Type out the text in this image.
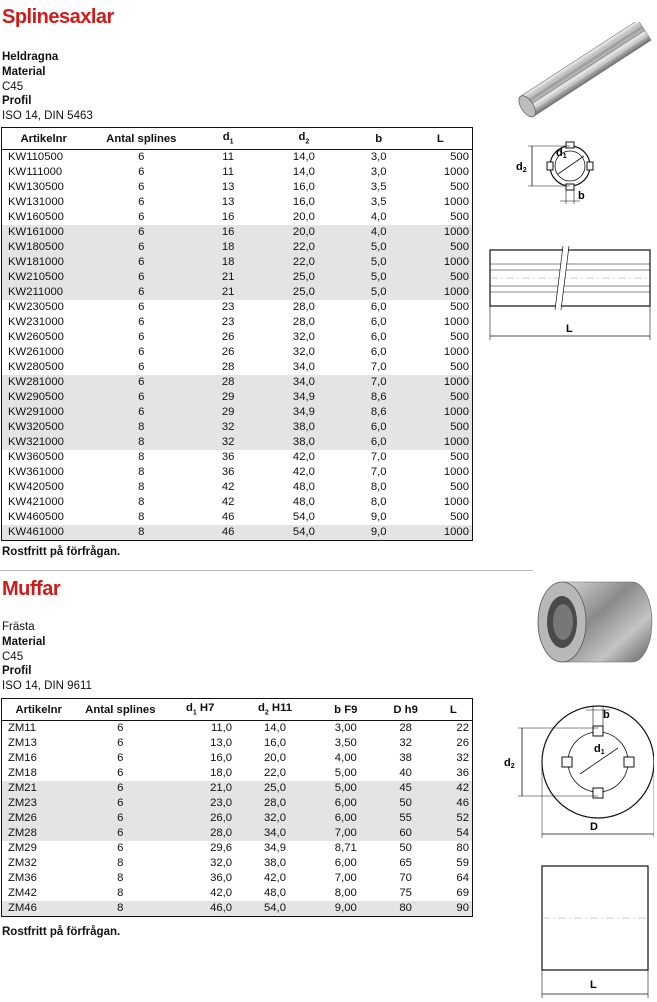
Splinesaxlar
Heldragna
Material
C45
Profil
ISO 14, DIN 5463
Artikelnr	Antal splines	$d_1$	$d_2$	b	L
KW110500	6	11	14,0	3,0	500
KW111000	6	11	14,0	3,0	1000
KW130500	6	13	16,0	3,5	500
KW131000	6	13	16,0	3,5	1000
KW160500	6	16	20,0	4,0	500
KW161000	6	16	20,0	4,0	1000
KW180500	6	18	22,0	5,0	500
KW181000	6	18	22,0	5,0	1000
KW210500	6	21	25,0	5,0	500
KW211000	6	21	25,0	5,0	1000
KW230500	6	23	28,0	6,0	500
KW231000	6	23	28,0	6,0	1000
KW260500	6	26	32,0	6,0	500
KW261000	6	26	32,0	6,0	1000
KW280500	6	28	34,0	7,0	500
KW281000	6	28	34,0	7,0	1000
KW290500	6	29	34,9	8,6	500
KW291000	6	29	34,9	8,6	1000
KW320500	8	32	38,0	6,0	500
KW321000	8	32	38,0	6,0	1000
KW360500	8	36	42,0	7,0	500
KW361000	8	36	42,0	7,0	1000
KW420500	8	42	48,0	8,0	500
KW421000	8	42	48,0	8,0	1000
KW460500	8	46	54,0	9,0	500
KW461000	8	46	54,0	9,0	1000
Rostfritt på förfrågan.
d2
d1
b
L
Muffar
Frästa
Material
C45
Profil
ISO 14, DIN 9611
Artikelnr	Antal splines	$d_1$ H7	$d_2$ H11	b F9	D h9	L
ZM11	6	11,0	14,0	3,00	28	22
ZM13	6	13,0	16,0	3,50	32	26
ZM16	6	16,0	20,0	4,00	38	32
ZM18	6	18,0	22,0	5,00	40	36
ZM21	6	21,0	25,0	5,00	45	42
ZM23	6	23,0	28,0	6,00	50	46
ZM26	6	26,0	32,0	6,00	55	52
ZM28	6	28,0	34,0	7,00	60	54
ZM29	6	29,6	34,9	8,71	50	80
ZM32	8	32,0	38,0	6,00	65	59
ZM36	8	36,0	42,0	7,00	70	64
ZM42	8	42,0	48,0	8,00	75	69
ZM46	8	46,0	54,0	9,00	80	90
Rostfritt på förfrågan.
b
d2
d1
D
L
